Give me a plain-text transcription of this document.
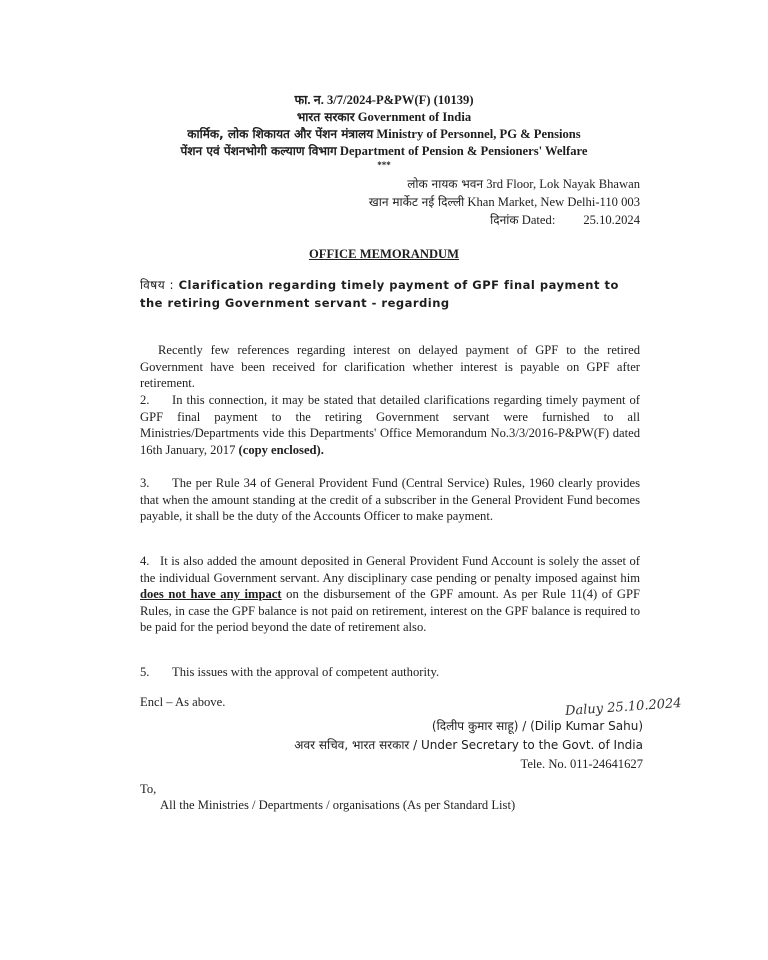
फा. न. 3/7/2024-P&PW(F) (10139)
भारत सरकार Government of India
कार्मिक, लोक शिकायत और पेंशन मंत्रालय Ministry of Personnel, PG & Pensions
पेंशन एवं पेंशनभोगी कल्याण विभाग Department of Pension & Pensioners' Welfare
***
लोक नायक भवन 3rd Floor, Lok Nayak Bhawan
खान मार्केट नई दिल्ली Khan Market, New Delhi-110 003
दिनांक Dated: 25.10.2024
OFFICE MEMORANDUM
विषय : Clarification regarding timely payment of GPF final payment to the retiring Government servant - regarding
Recently few references regarding interest on delayed payment of GPF to the retired Government have been received for clarification whether interest is payable on GPF after retirement.
2. In this connection, it may be stated that detailed clarifications regarding timely payment of GPF final payment to the retiring Government servant were furnished to all Ministries/Departments vide this Departments' Office Memorandum No.3/3/2016-P&PW(F) dated 16th January, 2017 (copy enclosed).
3. The per Rule 34 of General Provident Fund (Central Service) Rules, 1960 clearly provides that when the amount standing at the credit of a subscriber in the General Provident Fund becomes payable, it shall be the duty of the Accounts Officer to make payment.
4. It is also added the amount deposited in General Provident Fund Account is solely the asset of the individual Government servant. Any disciplinary case pending or penalty imposed against him does not have any impact on the disbursement of the GPF amount. As per Rule 11(4) of GPF Rules, in case the GPF balance is not paid on retirement, interest on the GPF balance is required to be paid for the period beyond the date of retirement also.
5. This issues with the approval of competent authority.
Encl – As above.	Daluy 25.10.2024
(दिलीप कुमार साहू) / (Dilip Kumar Sahu)
अवर सचिव, भारत सरकार / Under Secretary to the Govt. of India
Tele. No. 011-24641627
To,
All the Ministries / Departments / organisations (As per Standard List)
